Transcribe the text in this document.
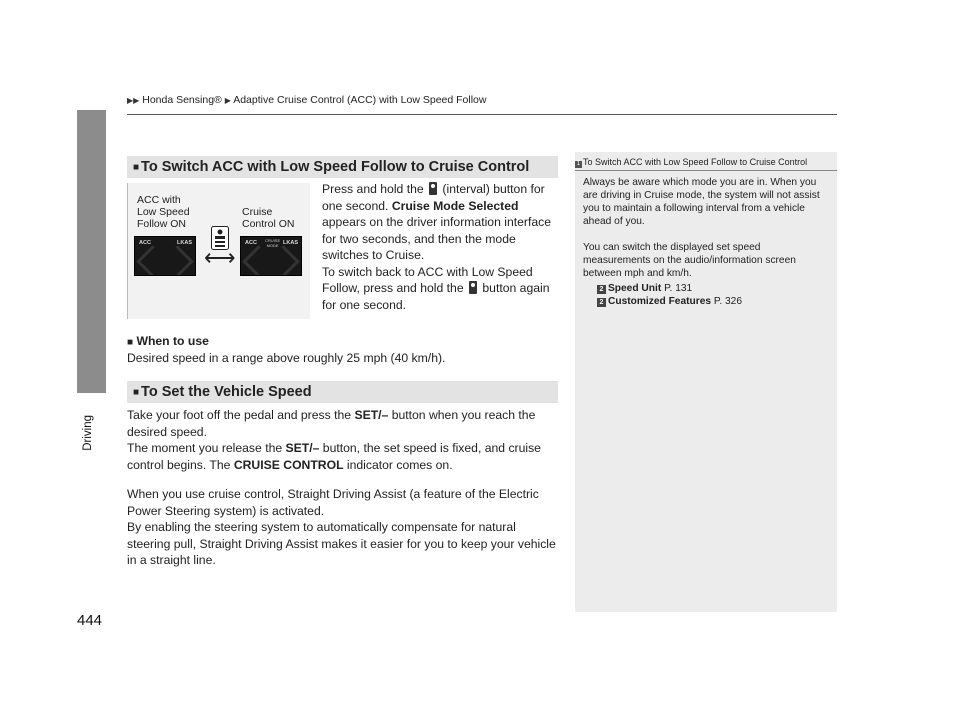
▶▶ Honda Sensing® ▶ Adaptive Cruise Control (ACC) with Low Speed Follow
Driving
444
■ To Switch ACC with Low Speed Follow to Cruise Control
ACC with
Low Speed
Follow ON
Cruise
Control ON
ACC	LKAS
⟷
ACC CRUISE
MODE LKAS
Press and hold the (interval) button for one second. Cruise Mode Selected appears on the driver information interface for two seconds, and then the mode switches to Cruise.
To switch back to ACC with Low Speed Follow, press and hold the button again for one second.
■ When to use
Desired speed in a range above roughly 25 mph (40 km/h).
■ To Set the Vehicle Speed
Take your foot off the pedal and press the SET/– button when you reach the desired speed.
The moment you release the SET/– button, the set speed is fixed, and cruise control begins. The CRUISE CONTROL indicator comes on.
When you use cruise control, Straight Driving Assist (a feature of the Electric Power Steering system) is activated.
By enabling the steering system to automatically compensate for natural steering pull, Straight Driving Assist makes it easier for you to keep your vehicle in a straight line.
1 To Switch ACC with Low Speed Follow to Cruise Control
Always be aware which mode you are in. When you are driving in Cruise mode, the system will not assist you to maintain a following interval from a vehicle ahead of you.
You can switch the displayed set speed measurements on the audio/information screen between mph and km/h.
2 Speed Unit P. 131
2 Customized Features P. 326
